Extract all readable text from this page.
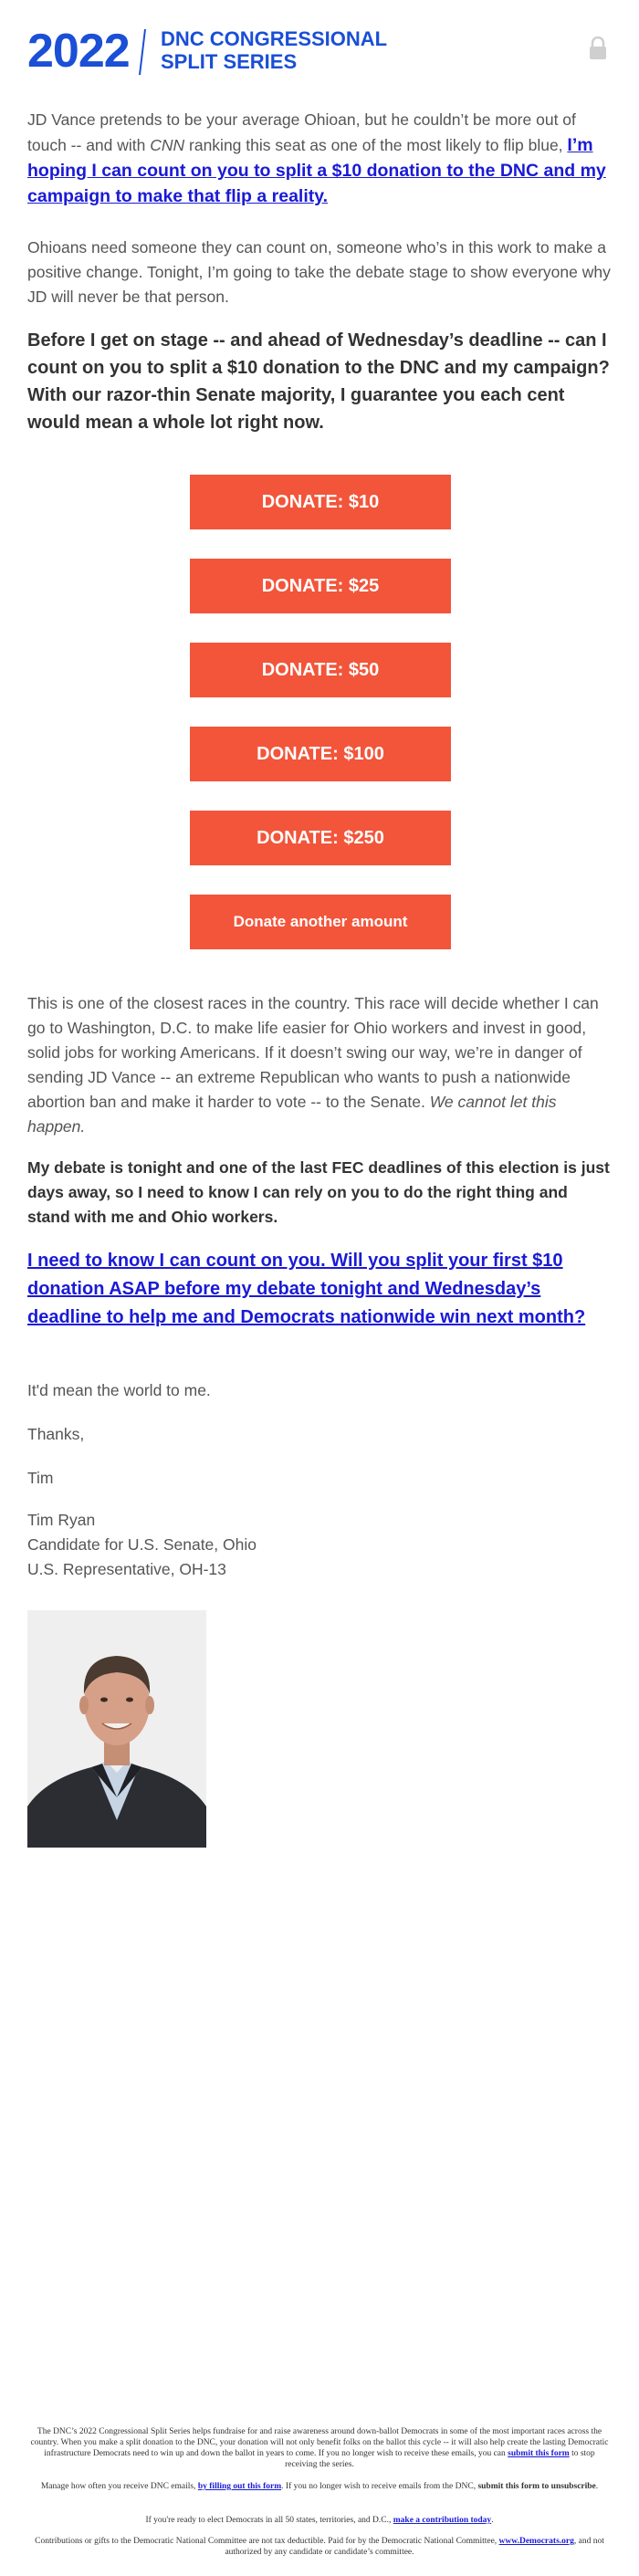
2022 DNC CONGRESSIONAL
SPLIT SERIES

JD Vance pretends to be your average Ohioan, but he couldn’t be more out of touch -- and with CNN ranking this seat as one of the most likely to flip blue, I’m hoping I can count on you to split a $10 donation to the DNC and my campaign to make that flip a reality.

Ohioans need someone they can count on, someone who’s in this work to make a positive change. Tonight, I’m going to take the debate stage to show everyone why JD will never be that person.

Before I get on stage -- and ahead of Wednesday’s deadline -- can I count on you to split a $10 donation to the DNC and my campaign? With our razor-thin Senate majority, I guarantee you each cent would mean a whole lot right now.

DONATE: $10
DONATE: $25
DONATE: $50
DONATE: $100
DONATE: $250
Donate another amount

This is one of the closest races in the country. This race will decide whether I can go to Washington, D.C. to make life easier for Ohio workers and invest in good, solid jobs for working Americans. If it doesn’t swing our way, we’re in danger of sending JD Vance -- an extreme Republican who wants to push a nationwide abortion ban and make it harder to vote -- to the Senate. We cannot let this happen.

My debate is tonight and one of the last FEC deadlines of this election is just days away, so I need to know I can rely on you to do the right thing and stand with me and Ohio workers.

I need to know I can count on you. Will you split your first $10 donation ASAP before my debate tonight and Wednesday’s deadline to help me and Democrats nationwide win next month?

It'd mean the world to me.

Thanks,

Tim

Tim Ryan
Candidate for U.S. Senate, Ohio
U.S. Representative, OH-13

The DNC’s 2022 Congressional Split Series helps fundraise for and raise awareness around down-ballot Democrats in some of the most important races across the country. When you make a split donation to the DNC, your donation will not only benefit folks on the ballot this cycle -- it will also help create the lasting Democratic infrastructure Democrats need to win up and down the ballot in years to come. If you no longer wish to receive these emails, you can submit this form to stop receiving the series.

Manage how often you receive DNC emails, by filling out this form. If you no longer wish to receive emails from the DNC, submit this form to unsubscribe.

If you're ready to elect Democrats in all 50 states, territories, and D.C., make a contribution today.

Contributions or gifts to the Democratic National Committee are not tax deductible. Paid for by the Democratic National Committee, www.Democrats.org, and not authorized by any candidate or candidate’s committee.
